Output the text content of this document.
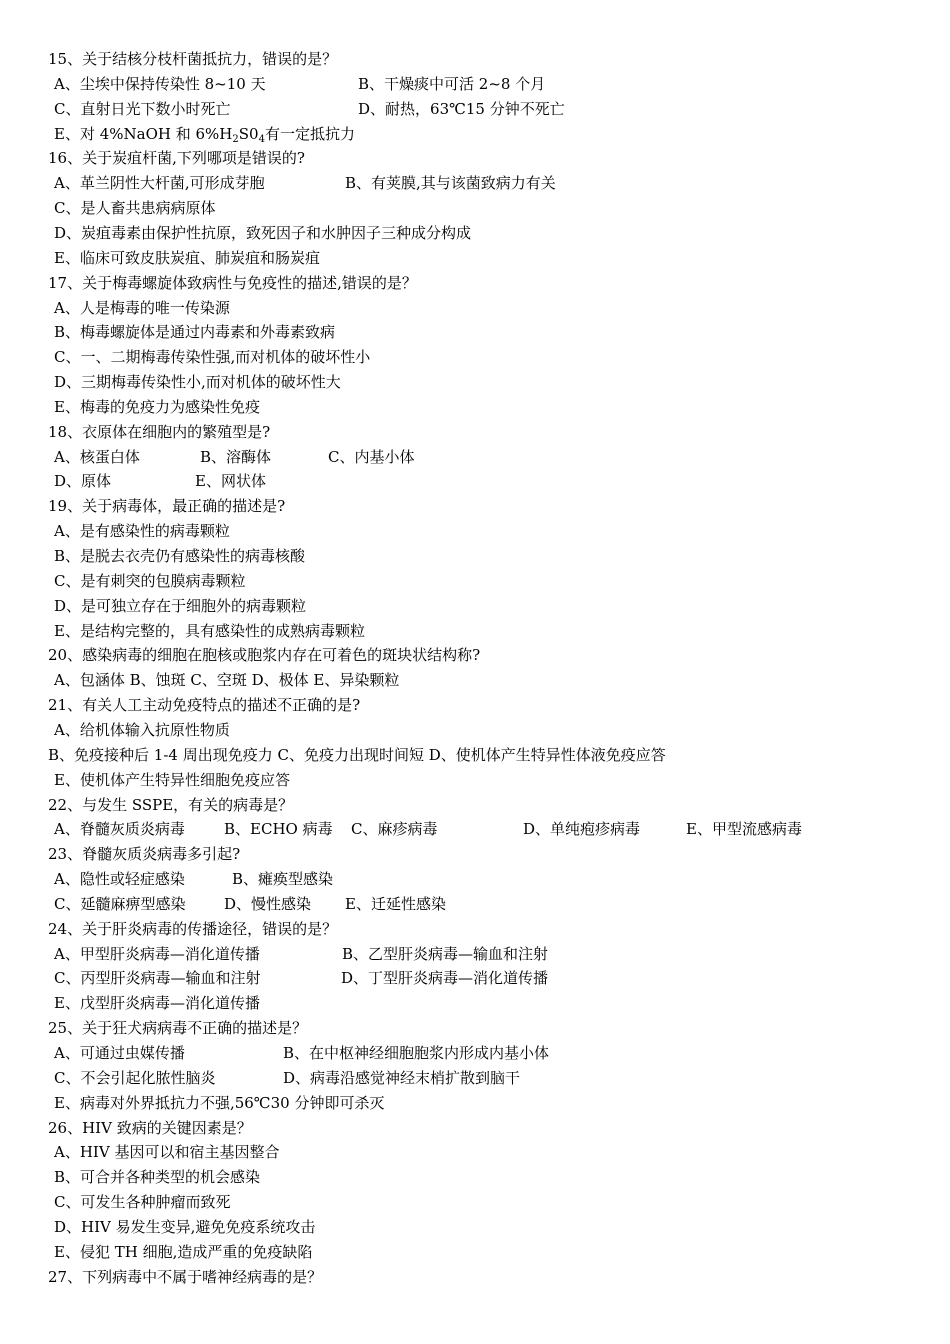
15、关于结核分枝杆菌抵抗力，错误的是？
A、尘埃中保持传染性 8~10 天	B、干燥痰中可活 2~8 个月
C、直射日光下数小时死亡	D、耐热，63℃15 分钟不死亡
E、对 4%NaOH 和 $6\%H_2S0_4$有一定抵抗力
16、关于炭疽杆菌,下列哪项是错误的?
A、革兰阴性大杆菌,可形成芽胞	B、有荚膜,其与该菌致病力有关
C、是人畜共患病病原体
D、炭疽毒素由保护性抗原，致死因子和水肿因子三种成分构成
E、临床可致皮肤炭疽、肺炭疽和肠炭疽
17、关于梅毒螺旋体致病性与免疫性的描述,错误的是？
A、人是梅毒的唯一传染源
B、梅毒螺旋体是通过内毒素和外毒素致病
C、一、二期梅毒传染性强,而对机体的破坏性小
D、三期梅毒传染性小,而对机体的破坏性大
E、梅毒的免疫力为感染性免疫
18、衣原体在细胞内的繁殖型是?
A、核蛋白体	B、溶酶体	C、内基小体
D、原体	E、网状体
19、关于病毒体，最正确的描述是?
A、是有感染性的病毒颗粒
B、是脱去衣壳仍有感染性的病毒核酸
C、是有刺突的包膜病毒颗粒
D、是可独立存在于细胞外的病毒颗粒
E、是结构完整的，具有感染性的成熟病毒颗粒
20、感染病毒的细胞在胞核或胞浆内存在可着色的斑块状结构称?
A、包涵体 B、蚀斑 C、空斑 D、极体 E、异染颗粒
21、有关人工主动免疫特点的描述不正确的是?
A、给机体输入抗原性物质
B、免疫接种后 1-4 周出现免疫力 C、免疫力出现时间短 D、使机体产生特异性体液免疫应答
E、使机体产生特异性细胞免疫应答
22、与发生 SSPE，有关的病毒是？
A、脊髓灰质炎病毒	B、ECHO 病毒 C、麻疹病毒	D、单纯疱疹病毒	E、甲型流感病毒
23、脊髓灰质炎病毒多引起?
A、隐性或轻症感染	B、瘫痪型感染
C、延髓麻痹型感染	D、慢性感染 E、迁延性感染
24、关于肝炎病毒的传播途径，错误的是？
A、甲型肝炎病毒—消化道传播	B、乙型肝炎病毒—输血和注射
C、丙型肝炎病毒—输血和注射	D、丁型肝炎病毒—消化道传播
E、戊型肝炎病毒—消化道传播
25、关于狂犬病病毒不正确的描述是？
A、可通过虫媒传播	B、在中枢神经细胞胞浆内形成内基小体
C、不会引起化脓性脑炎	D、病毒沿感觉神经末梢扩散到脑干
E、病毒对外界抵抗力不强,56℃30 分钟即可杀灭
26、HIV 致病的关键因素是？
A、HIV 基因可以和宿主基因整合
B、可合并各种类型的机会感染
C、可发生各种肿瘤而致死
D、HIV 易发生变异,避免免疫系统攻击
E、侵犯 TH 细胞,造成严重的免疫缺陷
27、下列病毒中不属于嗜神经病毒的是？
